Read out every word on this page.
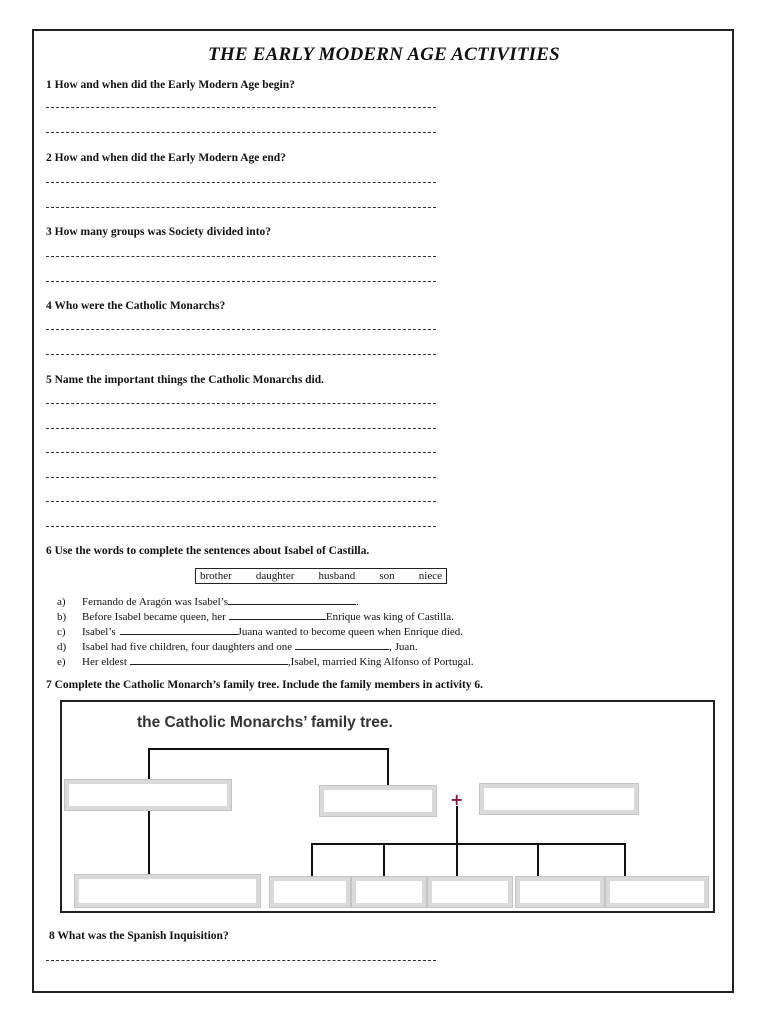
THE EARLY MODERN AGE ACTIVITIES
1 How and when did the Early Modern Age begin?
2 How and when did the Early Modern Age end?
3 How many groups was Society divided into?
4 Who were the Catholic Monarchs?
5 Name the important things the Catholic Monarchs did.
6 Use the words to complete the sentences about Isabel of Castilla.
brother daughter husband son niece
a) Fernando de Aragón was Isabel’s	.
b) Before Isabel became queen, her	Enrique was king of Castilla.
c) Isabel’s	Juana wanted to become queen when Enrique died.
d) Isabel had five children, four daughters and one	, Juan.
e) Her eldest	,Isabel, married King Alfonso of Portugal.
7 Complete the Catholic Monarch’s family tree. Include the family members in activity 6.
the Catholic Monarchs’ family tree.
+
8 What was the Spanish Inquisition?
